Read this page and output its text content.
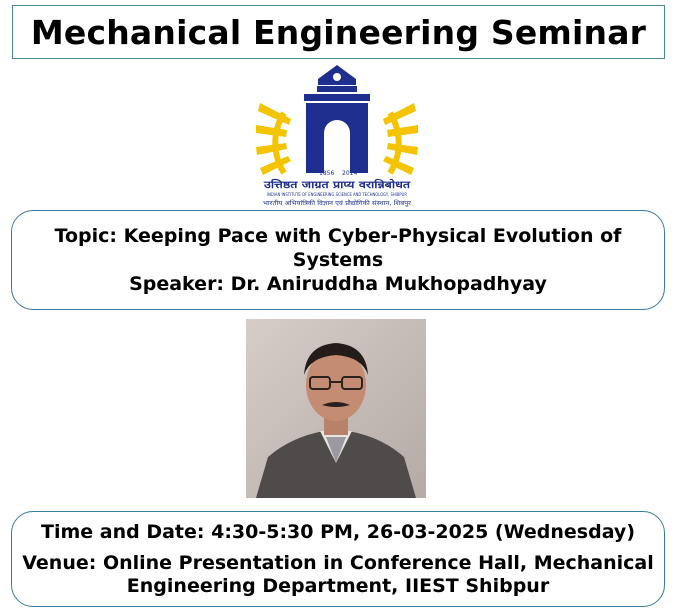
Mechanical Engineering Seminar
1856 2014
उत्तिष्ठत जाग्रत प्राप्य वरान्निबोधत
INDIAN INSTITUTE OF ENGINEERING SCIENCE AND TECHNOLOGY, SHIBPUR
भारतीय अभियांत्रिकी विज्ञान एवं प्रौद्योगिकी संस्थान, शिबपुर
Topic: Keeping Pace with Cyber-Physical Evolution of
Systems
Speaker: Dr. Aniruddha Mukhopadhyay
Time and Date: 4:30-5:30 PM, 26-03-2025 (Wednesday)
Venue: Online Presentation in Conference Hall, Mechanical
Engineering Department, IIEST Shibpur
